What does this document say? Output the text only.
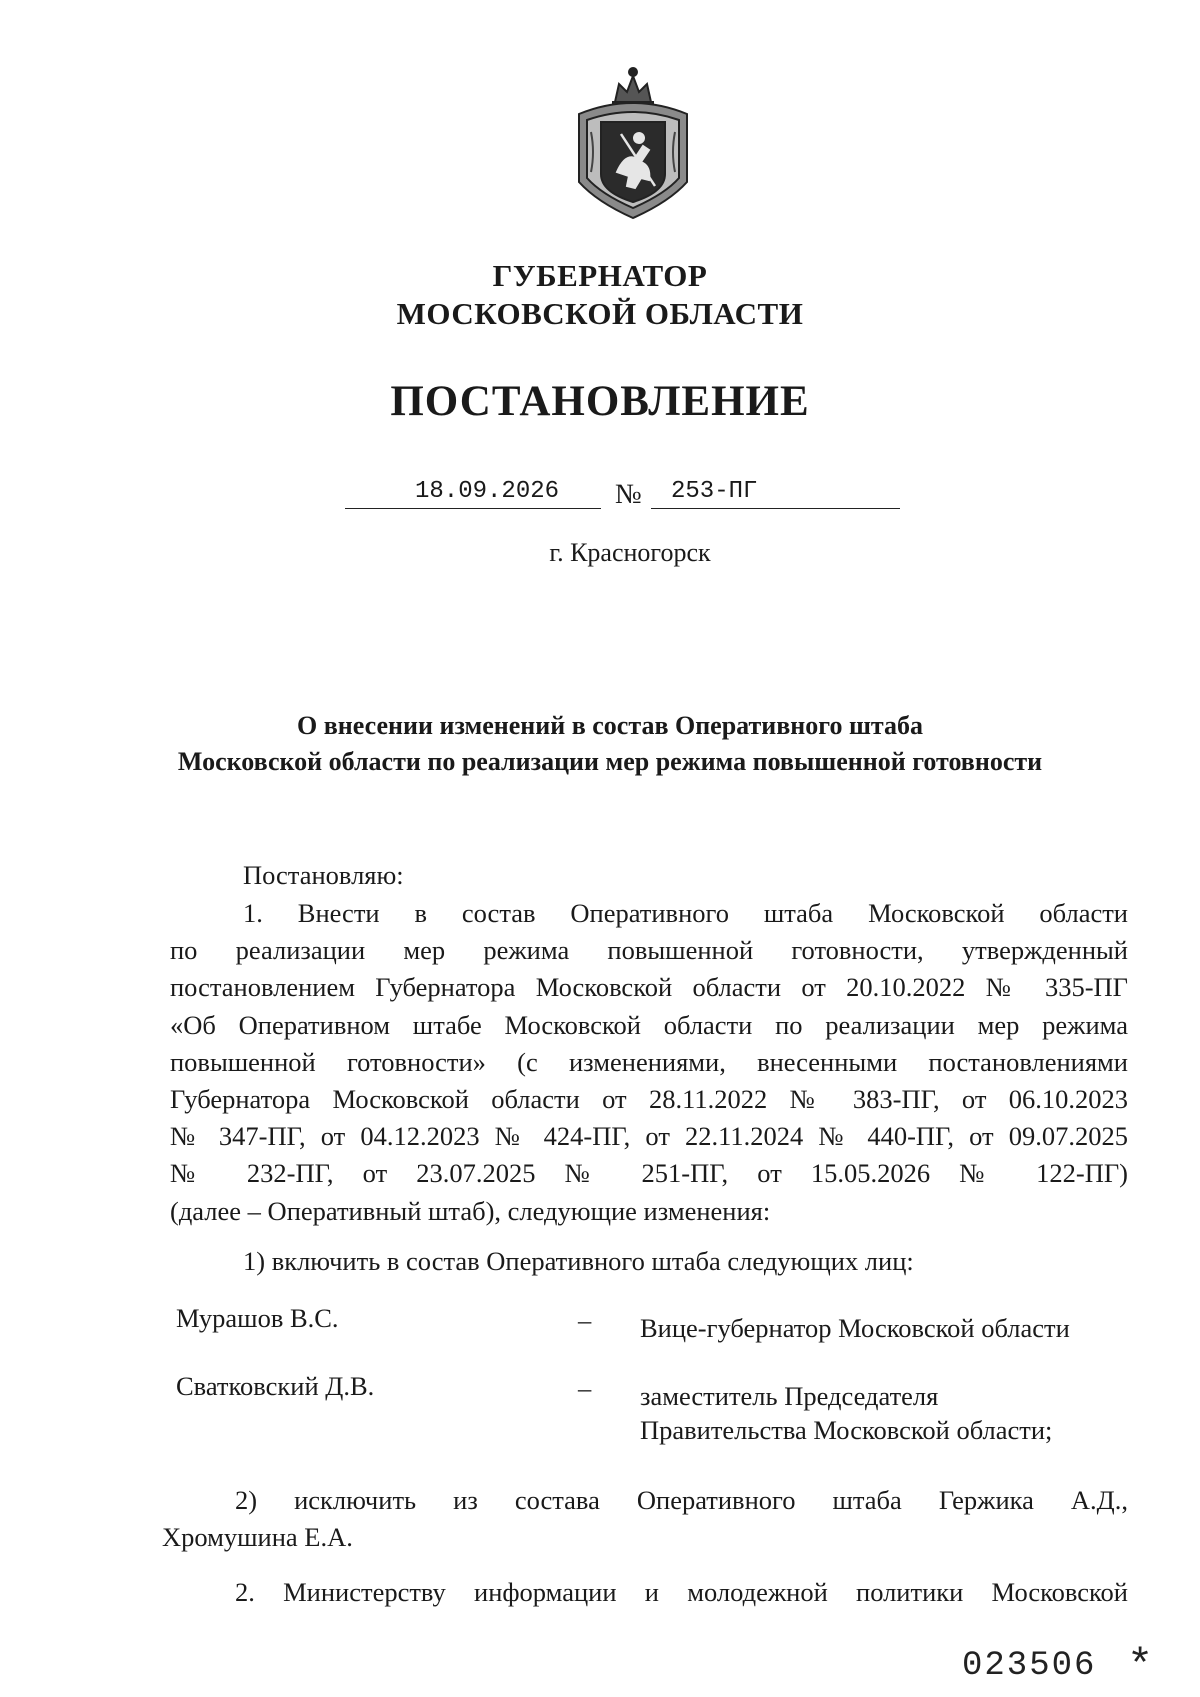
ГУБЕРНАТОР
МОСКОВСКОЙ ОБЛАСТИ
ПОСТАНОВЛЕНИЕ
18.09.2026 № 253-ПГ
г. Красногорск
О внесении изменений в состав Оперативного штаба
Московской области по реализации мер режима повышенной готовности
Постановляю:
1. Внести в состав Оперативного штаба Московской области
по реализации мер режима повышенной готовности, утвержденный
постановлением Губернатора Московской области от 20.10.2022 № 335-ПГ
«Об Оперативном штабе Московской области по реализации мер режима
повышенной готовности» (с изменениями, внесенными постановлениями
Губернатора Московской области от 28.11.2022 № 383-ПГ, от 06.10.2023
№ 347-ПГ, от 04.12.2023 № 424-ПГ, от 22.11.2024 № 440-ПГ, от 09.07.2025
№ 232-ПГ, от 23.07.2025 № 251-ПГ, от 15.05.2026 № 122-ПГ)
(далее – Оперативный штаб), следующие изменения:
1) включить в состав Оперативного штаба следующих лиц:
Мурашов В.С.	– Вице-губернатор Московской области
Сватковский Д.В.	– заместитель Председателя
Правительства Московской области;
2) исключить из состава Оперативного штаба Гержика А.Д.,
Хромушина Е.А.
2. Министерству информации и молодежной политики Московской
023506 *
